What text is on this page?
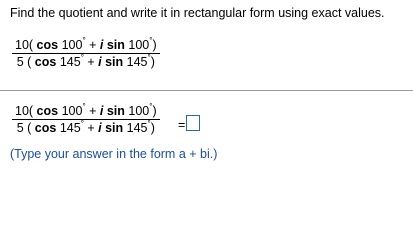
Find the quotient and write it in rectangular form using exact values.
10( cos 100° + i sin 100°)
5 ( cos 145° + i sin 145°)
10( cos 100° + i sin 100°)
5 ( cos 145° + i sin 145°)	=
(Type your answer in the form a + bi.)
